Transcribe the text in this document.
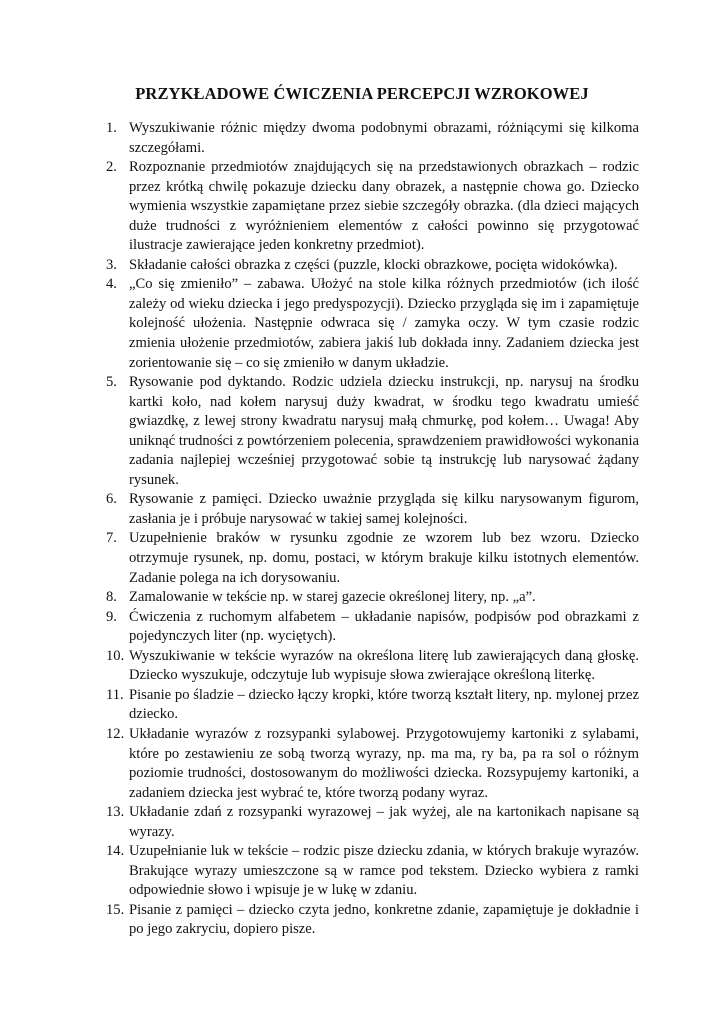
PRZYKŁADOWE ĆWICZENIA PERCEPCJI WZROKOWEJ
1. Wyszukiwanie różnic między dwoma podobnymi obrazami, różniącymi się kilkoma szczegółami.
2. Rozpoznanie przedmiotów znajdujących się na przedstawionych obrazkach – rodzic przez krótką chwilę pokazuje dziecku dany obrazek, a następnie chowa go. Dziecko wymienia wszystkie zapamiętane przez siebie szczegóły obrazka. (dla dzieci mających duże trudności z wyróżnieniem elementów z całości powinno się przygotować ilustracje zawierające jeden konkretny przedmiot).
3. Składanie całości obrazka z części (puzzle, klocki obrazkowe, pocięta widokówka).
4. „Co się zmieniło” – zabawa. Ułożyć na stole kilka różnych przedmiotów (ich ilość zależy od wieku dziecka i jego predyspozycji). Dziecko przygląda się im i zapamiętuje kolejność ułożenia. Następnie odwraca się / zamyka oczy. W tym czasie rodzic zmienia ułożenie przedmiotów, zabiera jakiś lub dokłada inny. Zadaniem dziecka jest zorientowanie się – co się zmieniło w danym układzie.
5. Rysowanie pod dyktando. Rodzic udziela dziecku instrukcji, np. narysuj na środku kartki koło, nad kołem narysuj duży kwadrat, w środku tego kwadratu umieść gwiazdkę, z lewej strony kwadratu narysuj małą chmurkę, pod kołem… Uwaga! Aby uniknąć trudności z powtórzeniem polecenia, sprawdzeniem prawidłowości wykonania zadania najlepiej wcześniej przygotować sobie tą instrukcję lub narysować żądany rysunek.
6. Rysowanie z pamięci. Dziecko uważnie przygląda się kilku narysowanym figurom, zasłania je i próbuje narysować w takiej samej kolejności.
7. Uzupełnienie braków w rysunku zgodnie ze wzorem lub bez wzoru. Dziecko otrzymuje rysunek, np. domu, postaci, w którym brakuje kilku istotnych elementów. Zadanie polega na ich dorysowaniu.
8. Zamalowanie w tekście np. w starej gazecie określonej litery, np. „a”.
9. Ćwiczenia z ruchomym alfabetem – układanie napisów, podpisów pod obrazkami z pojedynczych liter (np. wyciętych).
10. Wyszukiwanie w tekście wyrazów na określona literę lub zawierających daną głoskę. Dziecko wyszukuje, odczytuje lub wypisuje słowa zwierające określoną literkę.
11. Pisanie po śladzie – dziecko łączy kropki, które tworzą kształt litery, np. mylonej przez dziecko.
12. Układanie wyrazów z rozsypanki sylabowej. Przygotowujemy kartoniki z sylabami, które po zestawieniu ze sobą tworzą wyrazy, np. ma ma, ry ba, pa ra sol o różnym poziomie trudności, dostosowanym do możliwości dziecka. Rozsypujemy kartoniki, a zadaniem dziecka jest wybrać te, które tworzą podany wyraz.
13. Układanie zdań z rozsypanki wyrazowej – jak wyżej, ale na kartonikach napisane są wyrazy.
14. Uzupełnianie luk w tekście – rodzic pisze dziecku zdania, w których brakuje wyrazów. Brakujące wyrazy umieszczone są w ramce pod tekstem. Dziecko wybiera z ramki odpowiednie słowo i wpisuje je w lukę w zdaniu.
15. Pisanie z pamięci – dziecko czyta jedno, konkretne zdanie, zapamiętuje je dokładnie i po jego zakryciu, dopiero pisze.
